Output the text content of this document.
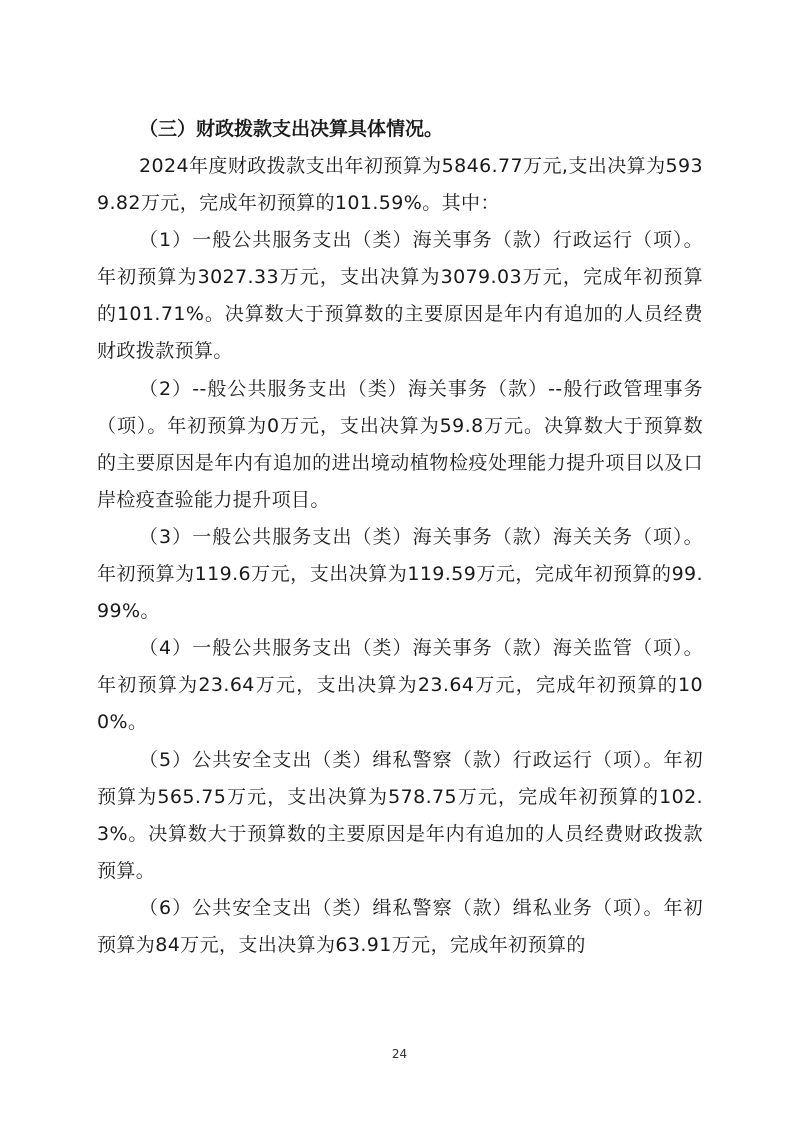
（三）财政拨款支出决算具体情况。

2024年度财政拨款支出年初预算为5846.77万元,支出决算为5939.82万元，完成年初预算的101.59%。其中：

（1）一般公共服务支出（类）海关事务（款）行政运行（项）。年初预算为3027.33万元，支出决算为3079.03万元，完成年初预算的101.71%。决算数大于预算数的主要原因是年内有追加的人员经费财政拨款预算。

（2）--般公共服务支出（类）海关事务（款）--般行政管理事务（项）。年初预算为0万元，支出决算为59.8万元。决算数大于预算数的主要原因是年内有追加的进出境动植物检疫处理能力提升项目以及口岸检疫查验能力提升项目。

（3）一般公共服务支出（类）海关事务（款）海关关务（项）。年初预算为119.6万元，支出决算为119.59万元，完成年初预算的99.99%。

（4）一般公共服务支出（类）海关事务（款）海关监管（项）。年初预算为23.64万元，支出决算为23.64万元，完成年初预算的100%。

（5）公共安全支出（类）缉私警察（款）行政运行（项）。年初预算为565.75万元，支出决算为578.75万元，完成年初预算的102.3%。决算数大于预算数的主要原因是年内有追加的人员经费财政拨款预算。

（6）公共安全支出（类）缉私警察（款）缉私业务（项）。年初预算为84万元，支出决算为63.91万元，完成年初预算的

24
